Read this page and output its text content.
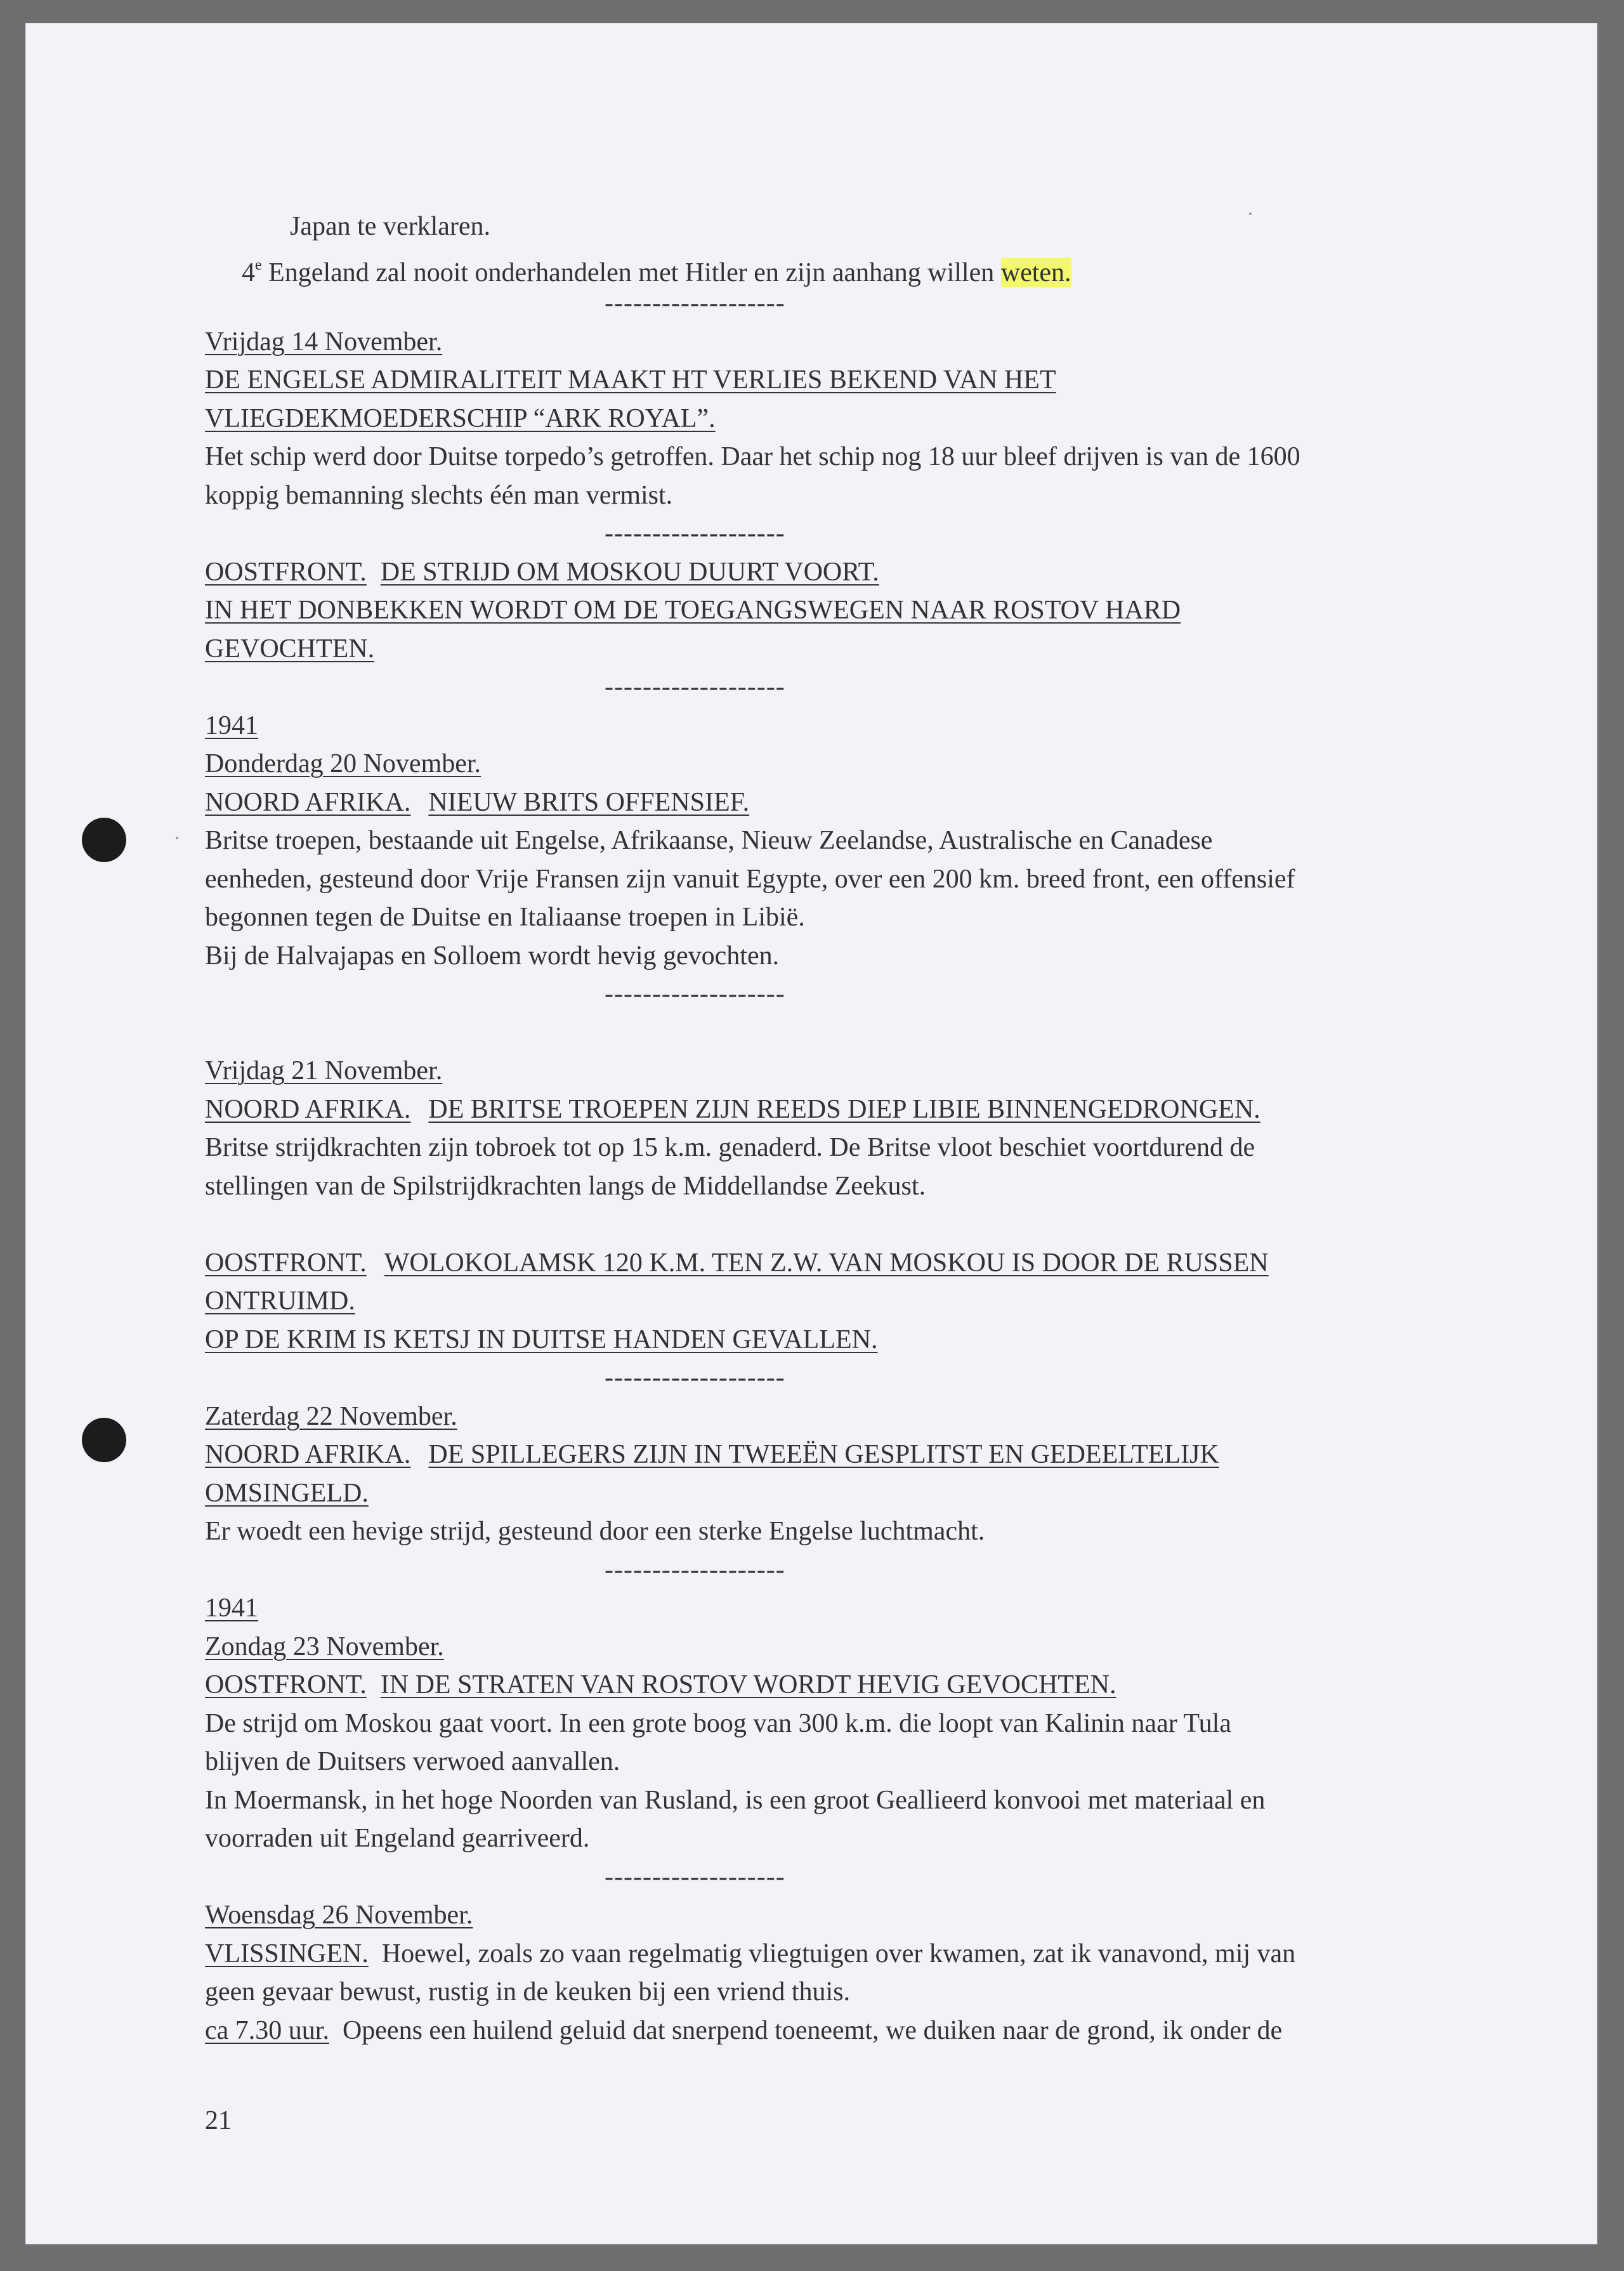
Japan te verklaren.

4e Engeland zal nooit onderhandelen met Hitler en zijn aanhang willen weten.

-------------------

Vrijdag 14 November.

DE ENGELSE ADMIRALITEIT MAAKT HT VERLIES BEKEND VAN HET

VLIEGDEKMOEDERSCHIP “ARK ROYAL”.

Het schip werd door Duitse torpedo’s getroffen. Daar het schip nog 18 uur bleef drijven is van de 1600

koppig bemanning slechts één man vermist.

-------------------

OOSTFRONT. DE STRIJD OM MOSKOU DUURT VOORT.

IN HET DONBEKKEN WORDT OM DE TOEGANGSWEGEN NAAR ROSTOV HARD

GEVOCHTEN.

-------------------

1941

Donderdag 20 November.

NOORD AFRIKA. NIEUW BRITS OFFENSIEF.

Britse troepen, bestaande uit Engelse, Afrikaanse, Nieuw Zeelandse, Australische en Canadese

eenheden, gesteund door Vrije Fransen zijn vanuit Egypte, over een 200 km. breed front, een offensief

begonnen tegen de Duitse en Italiaanse troepen in Libië.

Bij de Halvajapas en Solloem wordt hevig gevochten.

-------------------

Vrijdag 21 November.

NOORD AFRIKA. DE BRITSE TROEPEN ZIJN REEDS DIEP LIBIE BINNENGEDRONGEN.

Britse strijdkrachten zijn tobroek tot op 15 k.m. genaderd. De Britse vloot beschiet voortdurend de

stellingen van de Spilstrijdkrachten langs de Middellandse Zeekust.

OOSTFRONT. WOLOKOLAMSK 120 K.M. TEN Z.W. VAN MOSKOU IS DOOR DE RUSSEN

ONTRUIMD.

OP DE KRIM IS KETSJ IN DUITSE HANDEN GEVALLEN.

-------------------

Zaterdag 22 November.

NOORD AFRIKA. DE SPILLEGERS ZIJN IN TWEEËN GESPLITST EN GEDEELTELIJK

OMSINGELD.

Er woedt een hevige strijd, gesteund door een sterke Engelse luchtmacht.

-------------------

1941

Zondag 23 November.

OOSTFRONT. IN DE STRATEN VAN ROSTOV WORDT HEVIG GEVOCHTEN.

De strijd om Moskou gaat voort. In een grote boog van 300 k.m. die loopt van Kalinin naar Tula

blijven de Duitsers verwoed aanvallen.

In Moermansk, in het hoge Noorden van Rusland, is een groot Geallieerd konvooi met materiaal en

voorraden uit Engeland gearriveerd.

-------------------

Woensdag 26 November.

VLISSINGEN. Hoewel, zoals zo vaan regelmatig vliegtuigen over kwamen, zat ik vanavond, mij van

geen gevaar bewust, rustig in de keuken bij een vriend thuis.

ca 7.30 uur. Opeens een huilend geluid dat snerpend toeneemt, we duiken naar de grond, ik onder de

21
